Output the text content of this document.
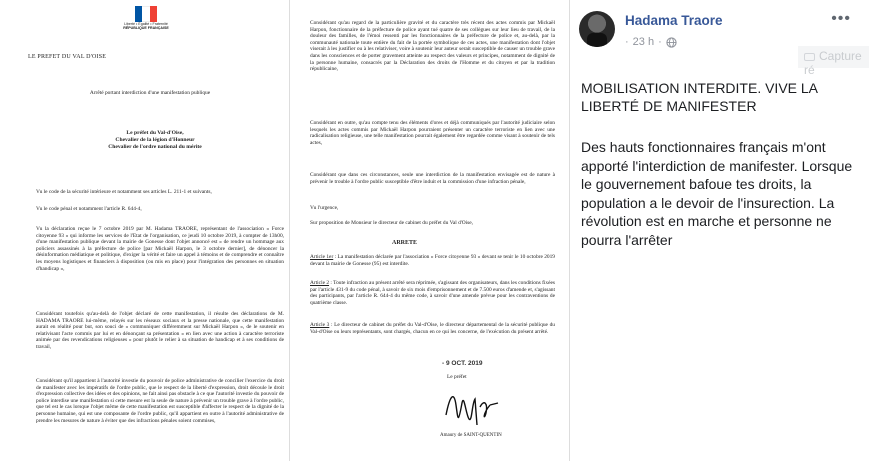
Liberté • Égalité • Fraternité
RÉPUBLIQUE FRANÇAISE
LE PREFET DU VAL D'OISE

Arrêté portant interdiction d'une manifestation publique

Le préfet du Val-d'Oise,

Chevalier de la légion d'Honneur

Chevalier de l'ordre national du mérite

Vu le code de la sécurité intérieure et notamment ses articles L. 211-1 et suivants,

Vu le code pénal et notamment l'article R. 644-4,

Vu la déclaration reçue le 7 octobre 2019 par M. Hadama TRAORE, représentant de l'association « Force citoyenne 93 » qui informe les services de l'Etat de l'organisation, ce jeudi 10 octobre 2019, à compter de 13h00, d'une manifestation publique devant la mairie de Gonesse dont l'objet annoncé est « de rendre un hommage aux policiers assassinés à la préfecture de police [par Mickaël Harpon, le 3 octobre dernier], de dénoncer la désinformation médiatique et politique, d'exiger la vérité et faire un appel à témoins et de comprendre et connaître les moyens logistiques et financiers à disposition (ou mis en place) pour l'intégration des personnes en situation d'handicap »,

Considérant toutefois qu'au-delà de l'objet déclaré de cette manifestation, il résulte des déclarations de M. HADAMA TRAORE lui-même, relayés sur les réseaux sociaux et la presse nationale, que cette manifestation aurait en réalité pour but, son souci de « communiquer différemment sur Mickaël Harpon », de le soutenir en relativisant l'acte commis par lui et en dénonçant sa présentation « en lien avec une action à caractère terroriste animée par des revendications religieuses » pour plutôt le relier à sa situation de handicap et à ses conditions de travail,

Considérant qu'il appartient à l'autorité investie du pouvoir de police administrative de concilier l'exercice du droit de manifester avec les impératifs de l'ordre public, que le respect de la liberté d'expression, droit découle le droit d'expression collective des idées et des opinions, ne fait ainsi pas obstacle à ce que l'autorité investie du pouvoir de police interdise une manifestation si cette mesure est la seule de nature à prévenir un trouble grave à l'ordre public, que tel est le cas lorsque l'objet même de cette manifestation est susceptible d'affecter le respect de la dignité de la personne humaine, qui est une composante de l'ordre public, qu'il appartient en outre à l'autorité administrative de prendre les mesures de nature à éviter que des infractions pénales soient commises,

Considérant qu'au regard de la particulière gravité et du caractère très récent des actes commis par Mickaël Harpon, fonctionnaire de la préfecture de police ayant tué quatre de ses collègues sur leur lieu de travail, de la douleur des familles, de l'émoi ressenti par les fonctionnaires de la préfecture de police et, au-delà, par la communauté nationale toute entière du fait de la portée symbolique de ces actes, une manifestation dont l'objet viserait à les justifier ou à les relativiser, voire à soutenir leur auteur serait susceptible de causer un trouble grave dans les consciences et de porter gravement atteinte au respect des valeurs et principes, notamment de dignité de la personne humaine, consacrés par la Déclaration des droits de l'Homme et du citoyen et par la tradition républicaine,

Considérant en outre, qu'au compte tenu des éléments d'ores et déjà communiqués par l'autorité judiciaire selon lesquels les actes commis par Mickaël Harpon pourraient présenter un caractère terroriste en lien avec une radicalisation religieuse, une telle manifestation pourrait également être regardée comme visant à soutenir de tels actes,

Considérant que dans ces circonstances, seule une interdiction de la manifestation envisagée est de nature à prévenir le trouble à l'ordre public susceptible d'être induit et la commission d'une infraction pénale,

Vu l'urgence,

Sur proposition de Monsieur le directeur de cabinet du préfet du Val d'Oise,

ARRETE

Article 1er : La manifestation déclarée par l'association « Force citoyenne 93 » devant se tenir le 10 octobre 2019 devant la mairie de Gonesse (95) est interdite.

Article 2 : Toute infraction au présent arrêté sera réprimée, s'agissant des organisateurs, dans les conditions fixées par l'article 431-9 du code pénal, à savoir de six mois d'emprisonnement et de 7.500 euros d'amende et, s'agissant des participants, par l'article R. 644-4 du même code, à savoir d'une amende prévue pour les contraventions de quatrième classe.

Article 3 : Le directeur de cabinet du préfet du Val-d'Oise, le directeur départemental de la sécurité publique du Val-d'Oise ou leurs représentants, sont chargés, chacun en ce qui les concerne, de l'exécution du présent arrêté.

- 9 OCT. 2019
Le préfet
Amaury de SAINT-QUENTIN
Hadama Traore
· 23 h ·
•••
Capture ré
MOBILISATION INTERDITE. VIVE LA LIBERTÉ DE MANIFESTER
Des hauts fonctionnaires français m'ont apporté l'interdiction de manifester. Lorsque le gouvernement bafoue tes droits, la population a le devoir de l'insurection. La révolution est en marche et personne ne pourra l'arrêter
